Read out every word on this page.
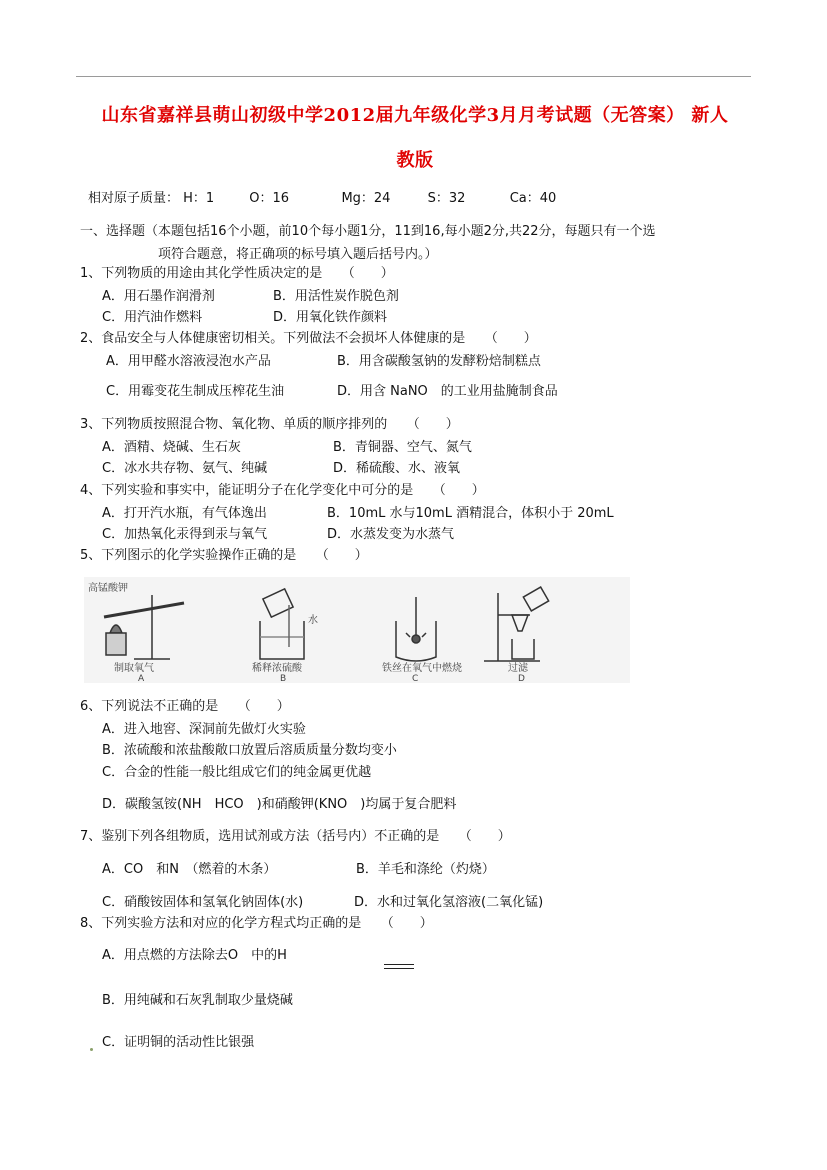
山东省嘉祥县萌山初级中学2012届九年级化学3月月考试题（无答案） 新人
教版
相对原子质量： H：1	O：16	Mg：24	S：32	Ca：40
一、选择题（本题包括16个小题，前10个每小题1分，11到16,每小题2分,共22分，每题只有一个选
项符合题意，将正确项的标号填入题后括号内。）
1、下列物质的用途由其化学性质决定的是　　（　　）
A．用石墨作润滑剂	B．用活性炭作脱色剂
C．用汽油作燃料	D．用氧化铁作颜料
2、食品安全与人体健康密切相关。下列做法不会损坏人体健康的是　　（　　）
A．用甲醛水溶液浸泡水产品	B．用含碳酸氢钠的发酵粉焙制糕点
C．用霉变花生制成压榨花生油	D．用含 NaNO　的工业用盐腌制食品
3、下列物质按照混合物、氧化物、单质的顺序排列的　　（　　）
A．酒精、烧碱、生石灰	B．青铜器、空气、氮气
C．冰水共存物、氨气、纯碱	D．稀硫酸、水、液氧
4、下列实验和事实中，能证明分子在化学变化中可分的是　　（　　）
A．打开汽水瓶，有气体逸出	B．10mL 水与10mL 酒精混合，体积小于 20mL
C．加热氧化汞得到汞与氧气	D．水蒸发变为水蒸气
5、下列图示的化学实验操作正确的是　　（　　）
高锰酸钾
制取氧气
A
水
稀释浓硫酸
B
铁丝在氧气中燃烧
C
过滤
D
6、下列说法不正确的是　　（　　）
A．进入地窖、深洞前先做灯火实验
B．浓硫酸和浓盐酸敞口放置后溶质质量分数均变小
C．合金的性能一般比组成它们的纯金属更优越
D．碳酸氢铵(NH　HCO　)和硝酸钾(KNO　)均属于复合肥料
7、鉴别下列各组物质，选用试剂或方法（括号内）不正确的是　　（　　）
A．CO　和N　（燃着的木条）	B．羊毛和涤纶（灼烧）
C．硝酸铵固体和氢氧化钠固体(水)	D．水和过氧化氢溶液(二氧化锰)
8、下列实验方法和对应的化学方程式均正确的是　　（　　）
A．用点燃的方法除去O　中的H
B．用纯碱和石灰乳制取少量烧碱
C．证明铜的活动性比银强
